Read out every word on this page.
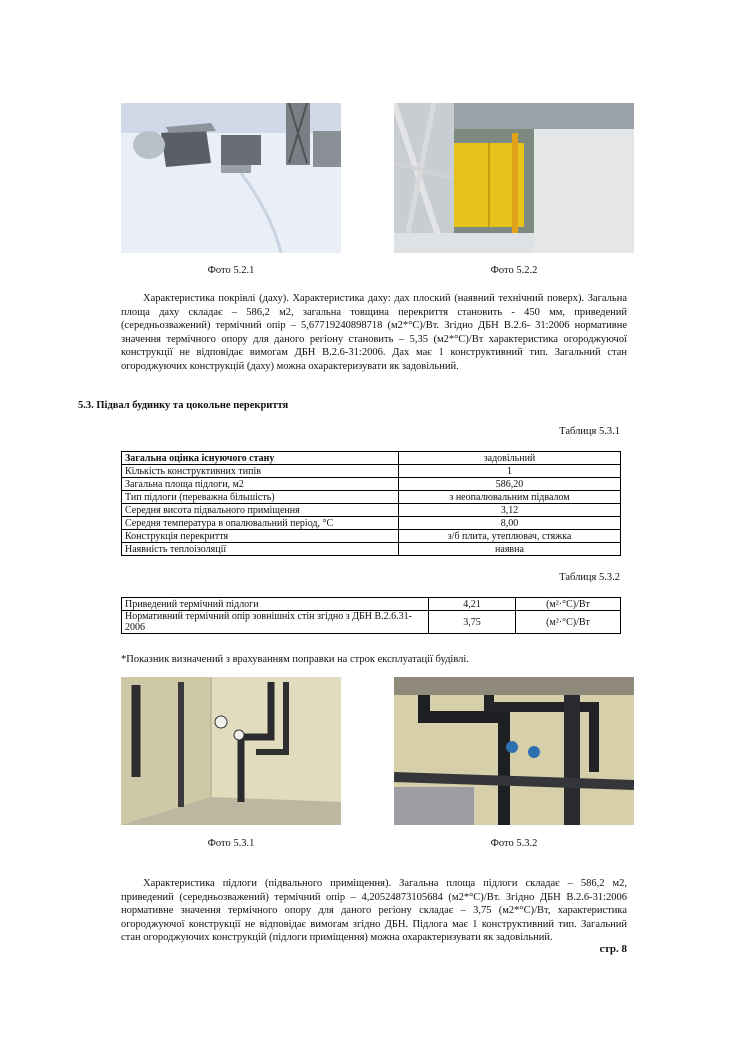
Фото 5.2.1	Фото 5.2.2
Характеристика покрівлі (даху). Характеристика даху: дах плоский (наявний технічний поверх). Загальна площа даху складає – 586,2 м2, загальна товщина перекриття становить - 450 мм, приведений (середньозважений) термічний опір – 5,67719240898718 (м2*°С)/Вт. Згідно ДБН В.2.6- 31:2006 нормативне значення термічного опору для даного регіону становить – 5,35 (м2*°С)/Вт характеристика огороджуючої конструкції не відповідає вимогам ДБН В.2.6-31:2006. Дах має 1 конструктивний тип. Загальний стан огороджуючих конструкцій (даху) можна охарактеризувати як задовільний.
5.3. Підвал будинку та цокольне перекриття
Таблиця 5.3.1
Загальна оцінка існуючого стану	задовільний
Кількість конструктивних типів	1
Загальна площа підлоги, м2	586,20
Тип підлоги (переважна більшість)	з неопалювальним підвалом
Середня висота підвального приміщення	3,12
Середня температура в опалювальний період, °С	8,00
Конструкція перекриття	з/б плита, утеплювач, стяжка
Наявність теплоізоляції	наявна
Таблиця 5.3.2
Приведений термічний підлоги	4,21	(м²·°С)/Вт
Нормативний термічний опір зовнішніх стін згідно з ДБН В.2.6.31-2006	3,75	(м²·°С)/Вт
*Показник визначений з врахуванням поправки на строк експлуатації будівлі.
Фото 5.3.1	Фото 5.3.2
Характеристика підлоги (підвального приміщення). Загальна площа підлоги складає – 586,2 м2, приведений (середньозважений) термічний опір – 4,20524873105684 (м2*°С)/Вт. Згідно ДБН В.2.6-31:2006 нормативне значення термічного опору для даного регіону складає – 3,75 (м2*°С)/Вт, характеристика огороджуючої конструкції не відповідає вимогам згідно ДБН. Підлога має 1 конструктивний тип. Загальний стан огороджуючих конструкцій (підлоги приміщення) можна охарактеризувати як задовільний.
стр. 8
